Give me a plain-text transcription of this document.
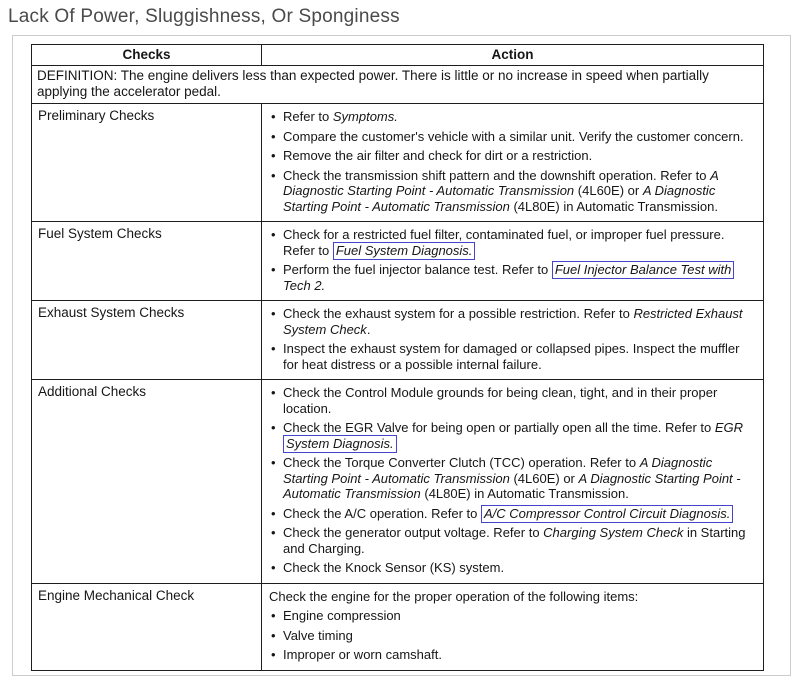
Lack Of Power, Sluggishness, Or Sponginess
Checks	Action
DEFINITION: The engine delivers less than expected power. There is little or no increase in speed when partially applying the accelerator pedal.	
Preliminary Checks	• Refer to Symptoms.
• Compare the customer's vehicle with a similar unit. Verify the customer concern.
• Remove the air filter and check for dirt or a restriction.
• Check the transmission shift pattern and the downshift operation. Refer to A Diagnostic Starting Point - Automatic Transmission (4L60E) or A Diagnostic Starting Point - Automatic Transmission (4L80E) in Automatic Transmission.

Fuel System Checks	• Check for a restricted fuel filter, contaminated fuel, or improper fuel pressure. Refer to Fuel System Diagnosis.
• Perform the fuel injector balance test. Refer to Fuel Injector Balance Test with Tech 2.

Exhaust System Checks	• Check the exhaust system for a possible restriction. Refer to Restricted Exhaust System Check.
• Inspect the exhaust system for damaged or collapsed pipes. Inspect the muffler for heat distress or a possible internal failure.

Additional Checks	
•Check the Control Module grounds for being clean, tight, and in their proper location.
• Check the EGR Valve for being open or partially open all the time. Refer to EGR System Diagnosis.
• Check the Torque Converter Clutch (TCC) operation. Refer to A Diagnostic Starting Point - Automatic Transmission (4L60E) or A Diagnostic Starting Point - Automatic Transmission (4L80E) in Automatic Transmission.
• Check the A/C operation. Refer to A/C Compressor Control Circuit Diagnosis.
• Check the generator output voltage. Refer to Charging System Check in Starting and Charging.
• Check the Knock Sensor (KS) system.

Engine Mechanical Check	Check the engine for the proper operation of the following items:
• Engine compression
• Valve timing
• Improper or worn camshaft.
